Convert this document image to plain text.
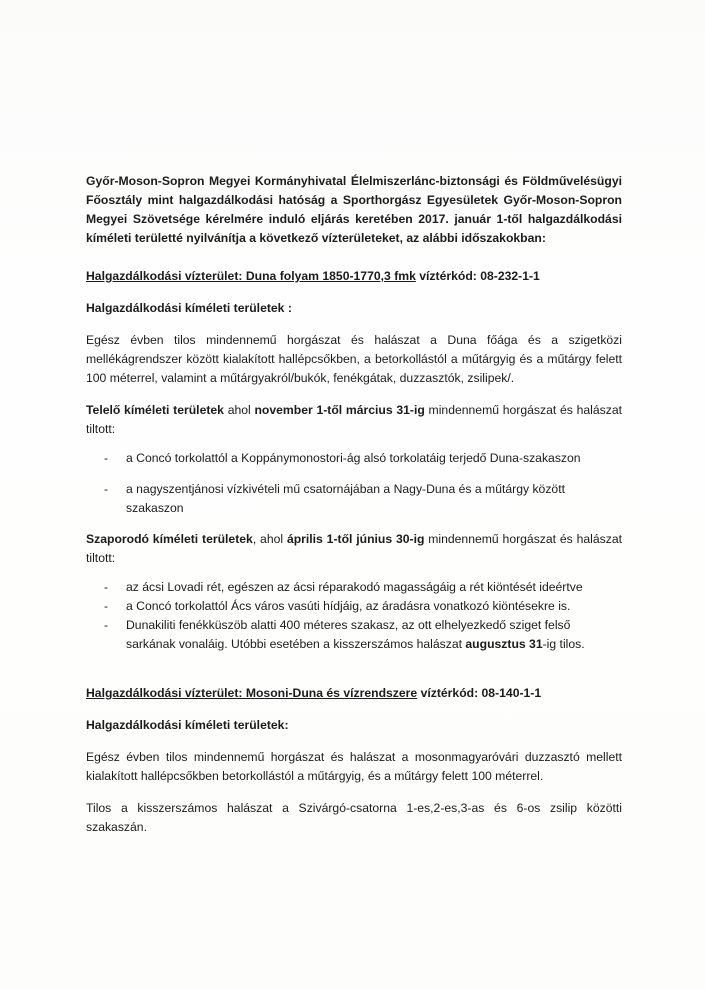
Győr-Moson-Sopron Megyei Kormányhivatal Élelmiszerlánc-biztonsági és Földművelésügyi Főosztály mint halgazdálkodási hatóság a Sporthorgász Egyesületek Győr-Moson-Sopron Megyei Szövetsége kérelmére induló eljárás keretében 2017. január 1-től halgazdálkodási kíméleti területté nyilvánítja a következő vízterületeket, az alábbi időszakokban:

Halgazdálkodási vízterület: Duna folyam 1850-1770,3 fmk víztérkód: 08-232-1-1

Halgazdálkodási kíméleti területek :

Egész évben tilos mindennemű horgászat és halászat a Duna főága és a szigetközi mellékágrendszer között kialakított hallépcsőkben, a betorkollástól a műtárgyig és a műtárgy felett 100 méterrel, valamint a műtárgyakról/bukók, fenékgátak, duzzasztók, zsilipek/.

Telelő kíméleti területek ahol november 1-től március 31-ig mindennemű horgászat és halászat tiltott:

- a Concó torkolattól a Koppánymonostori-ág alsó torkolatáig terjedő Duna-szakaszon
- a nagyszentjánosi vízkivételi mű csatornájában a Nagy-Duna és a műtárgy között szakaszon

Szaporodó kíméleti területek, ahol április 1-től június 30-ig mindennemű horgászat és halászat tiltott:

- az ácsi Lovadi rét, egészen az ácsi réparakodó magasságáig a rét kiöntését ideértve
- a Concó torkolattól Ács város vasúti hídjáig, az áradásra vonatkozó kiöntésekre is.
- Dunakiliti fenékküszöb alatti 400 méteres szakasz, az ott elhelyezkedő sziget felső sarkának vonaláig. Utóbbi esetében a kisszerszámos halászat augusztus 31-ig tilos.

Halgazdálkodási vízterület: Mosoni-Duna és vízrendszere víztérkód: 08-140-1-1

Halgazdálkodási kíméleti területek:

Egész évben tilos mindennemű horgászat és halászat a mosonmagyaróvári duzzasztó mellett kialakított hallépcsőkben betorkollástól a műtárgyig, és a műtárgy felett 100 méterrel.

Tilos a kisszerszámos halászat a Szivárgó-csatorna 1-es,2-es,3-as és 6-os zsilip közötti szakaszán.
